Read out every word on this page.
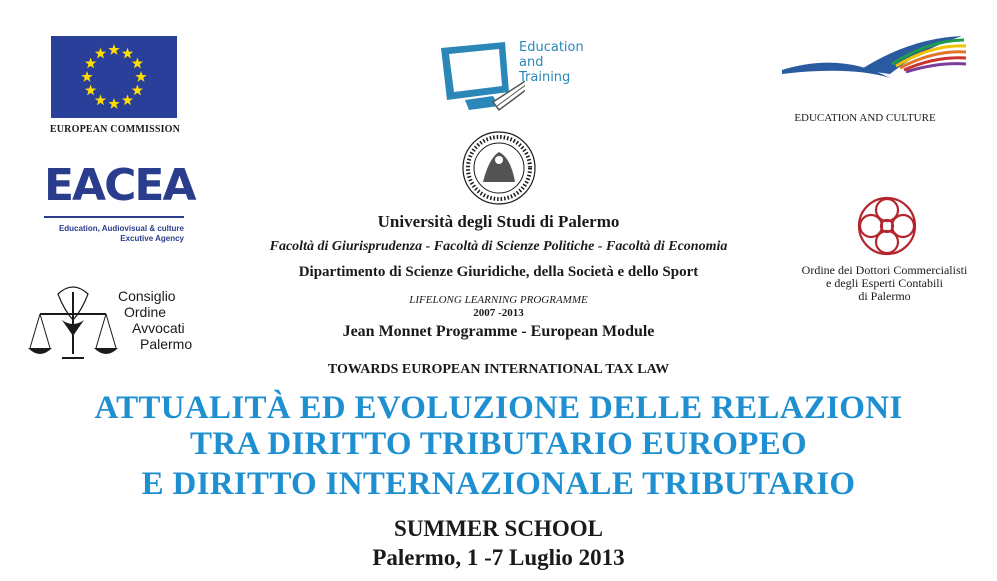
EUROPEAN COMMISSION
Education
and
Training
EDUCATION AND CULTURE
EACEA
Education, Audiovisual & culture
Excutive Agency
Consiglio
Ordine
Avvocati
Palermo
Ordine dei Dottori Commercialisti
e degli Esperti Contabili
di Palermo
Università degli Studi di Palermo
Facoltà di Giurisprudenza - Facoltà di Scienze Politiche - Facoltà di Economia
Dipartimento di Scienze Giuridiche, della Società e dello Sport
LIFELONG LEARNING PROGRAMME
2007 -2013
Jean Monnet Programme - European Module
TOWARDS EUROPEAN INTERNATIONAL TAX LAW
ATTUALITÀ ED EVOLUZIONE DELLE RELAZIONI
TRA DIRITTO TRIBUTARIO EUROPEO
E DIRITTO INTERNAZIONALE TRIBUTARIO
SUMMER SCHOOL
Palermo, 1 -7 Luglio 2013
